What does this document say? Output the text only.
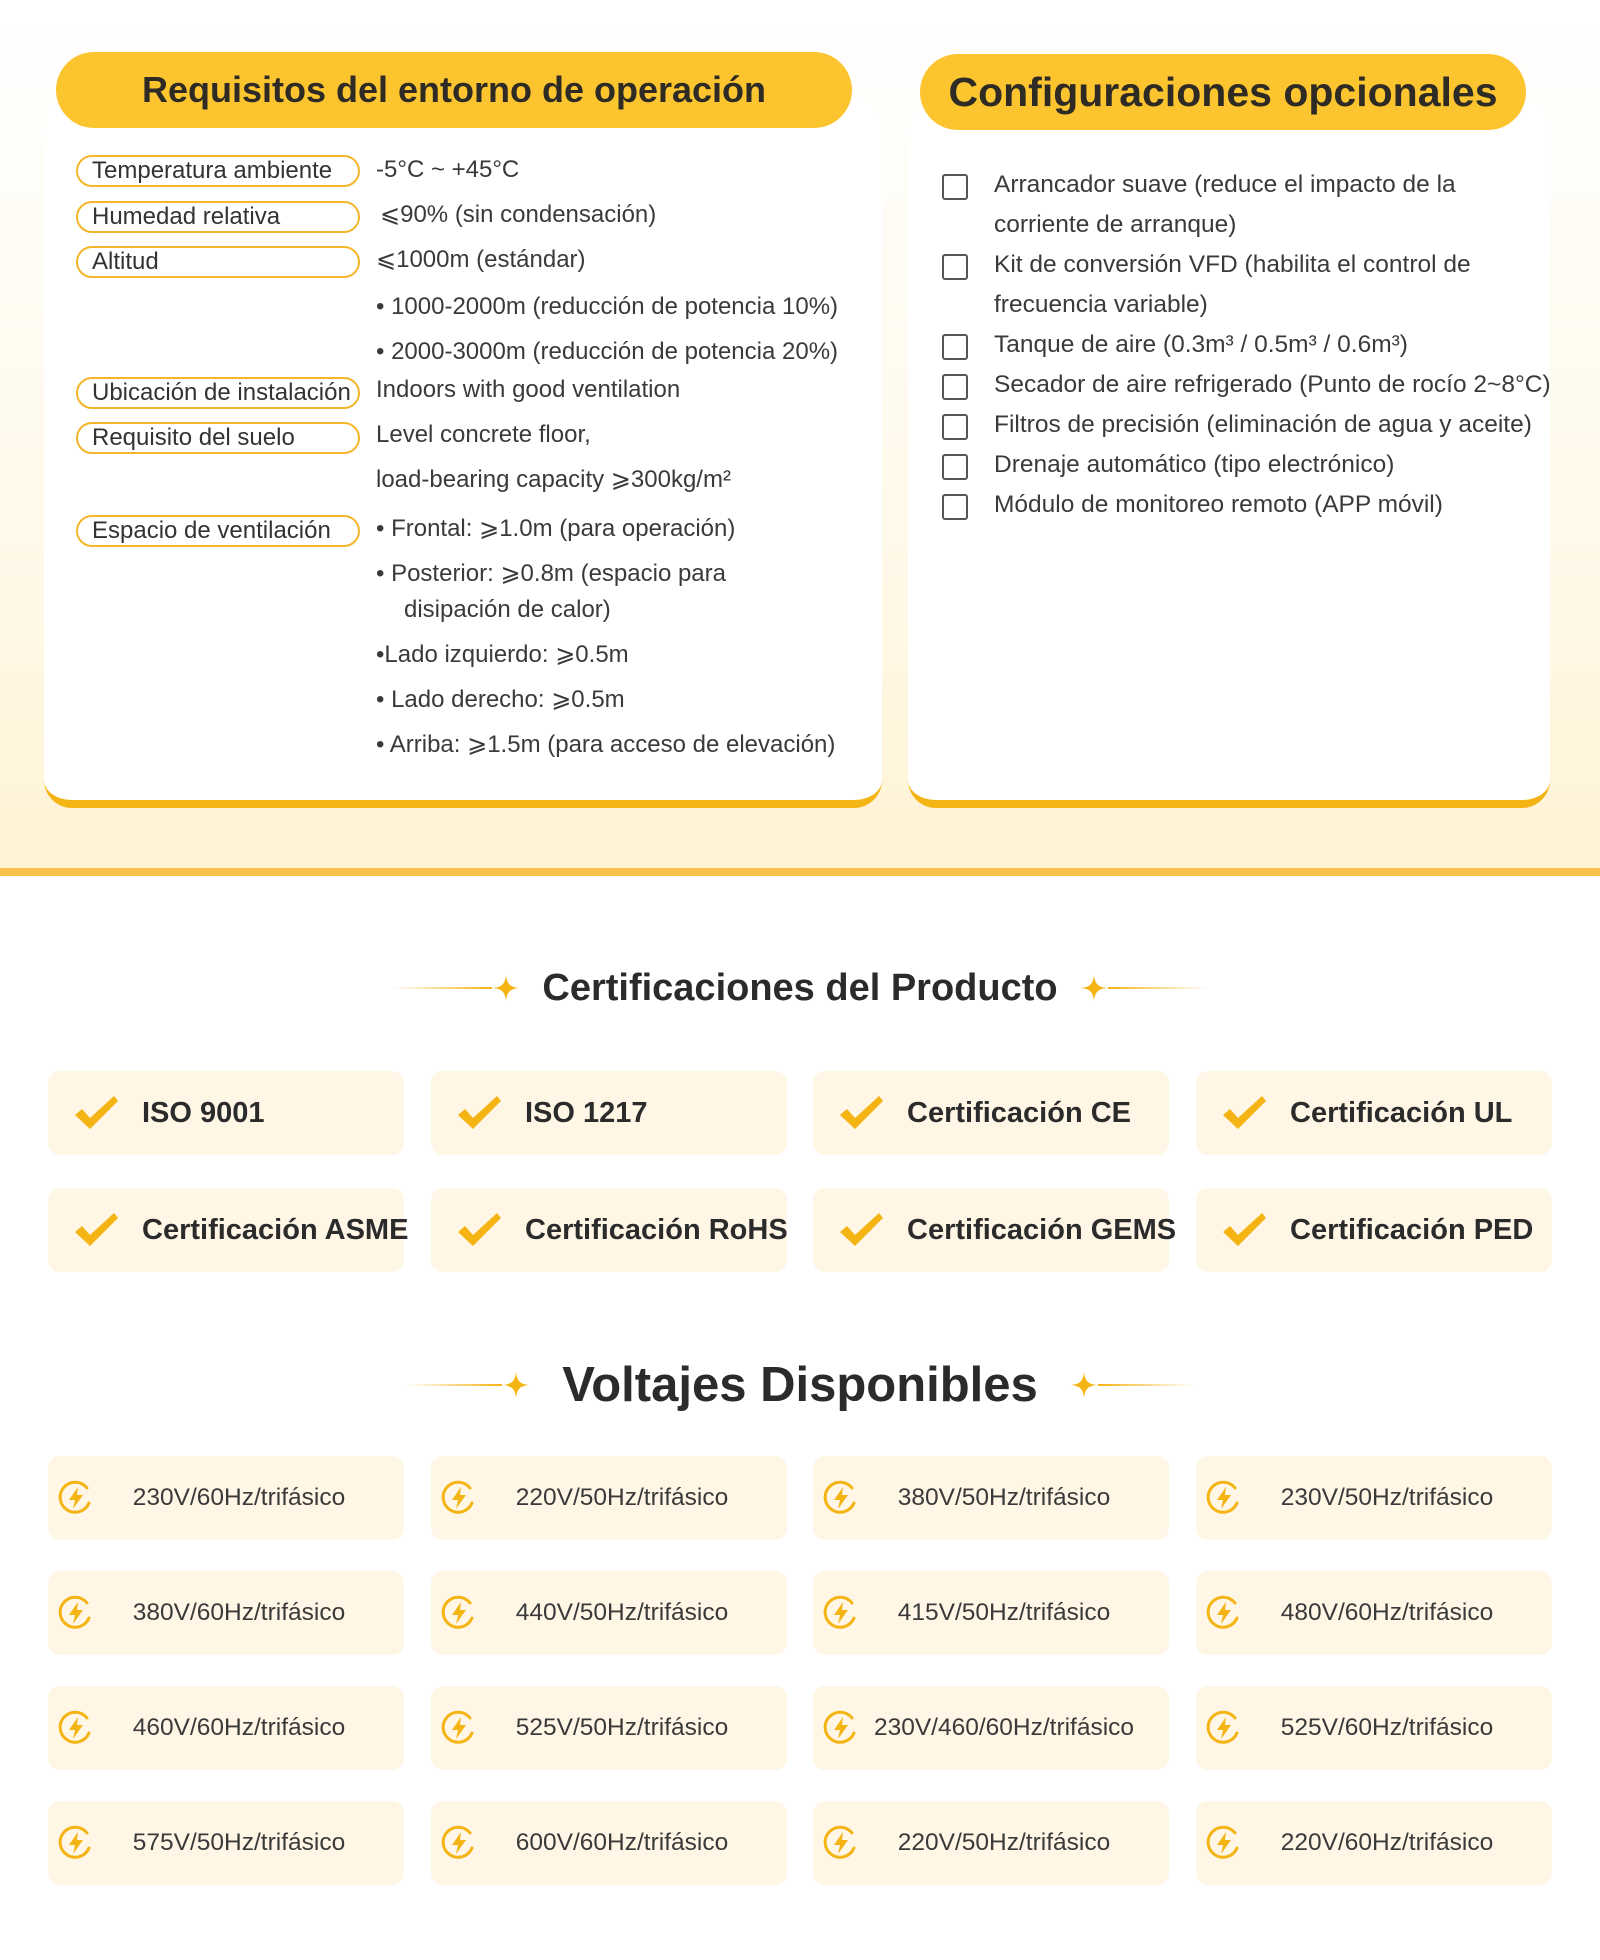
Requisitos del entorno de operación
Temperatura ambiente	-5°C ~ +45°C
Humedad relativa	⩽90% (sin condensación)
Altitud	⩽1000m (estándar)
• 1000-2000m (reducción de potencia 10%)
• 2000-3000m (reducción de potencia 20%)
Ubicación de instalación	Indoors with good ventilation
Requisito del suelo	Level concrete floor,
load-bearing capacity ⩾300kg/m²
Espacio de ventilación	• Frontal: ⩾1.0m (para operación)
• Posterior: ⩾0.8m (espacio para
disipación de calor)
•Lado izquierdo: ⩾0.5m
• Lado derecho: ⩾0.5m
• Arriba: ⩾1.5m (para acceso de elevación)
Configuraciones opcionales
Arrancador suave (reduce el impacto de la corriente de arranque)
Kit de conversión VFD (habilita el control de frecuencia variable)
Tanque de aire (0.3m³ / 0.5m³ / 0.6m³)
Secador de aire refrigerado (Punto de rocío 2~8°C)
Filtros de precisión (eliminación de agua y aceite)
Drenaje automático (tipo electrónico)
Módulo de monitoreo remoto (APP móvil)
Certificaciones del Producto
ISO 9001	ISO 1217	Certificación CE	Certificación UL
Certificación ASME	Certificación RoHS	Certificación GEMS	Certificación PED
Voltajes Disponibles
230V/60Hz/trifásico	220V/50Hz/trifásico	380V/50Hz/trifásico	230V/50Hz/trifásico
380V/60Hz/trifásico	440V/50Hz/trifásico	415V/50Hz/trifásico	480V/60Hz/trifásico
460V/60Hz/trifásico	525V/50Hz/trifásico	230V/460/60Hz/trifásico	525V/60Hz/trifásico
575V/50Hz/trifásico	600V/60Hz/trifásico	220V/50Hz/trifásico	220V/60Hz/trifásico
